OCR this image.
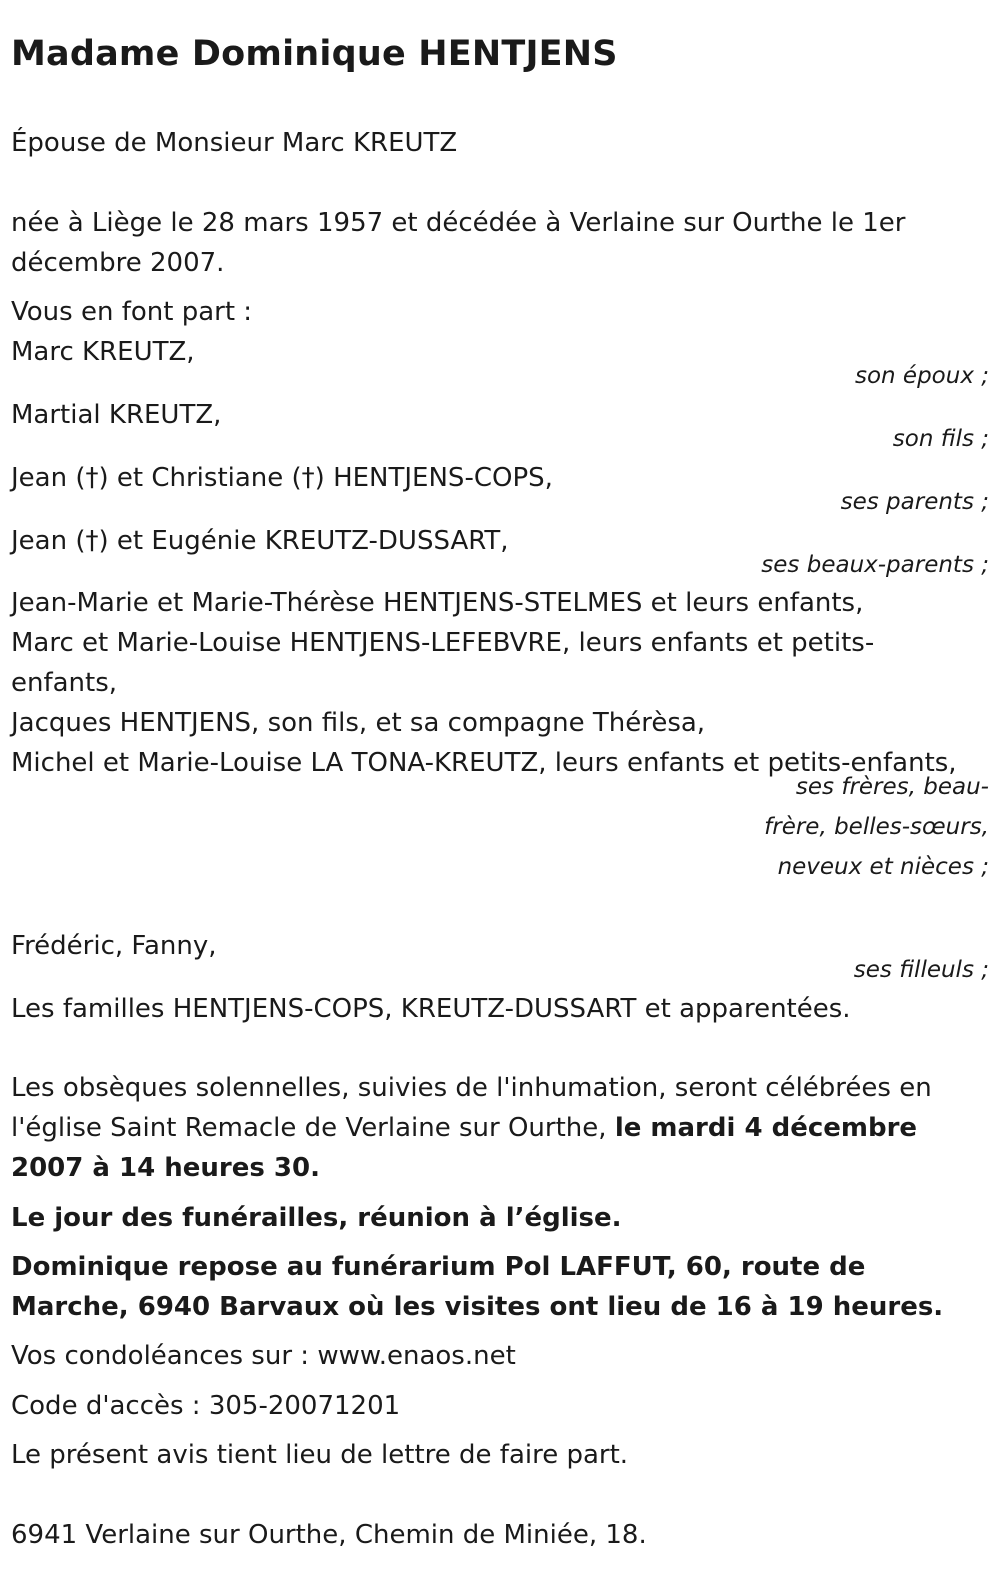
Madame Dominique HENTJENS
Épouse de Monsieur Marc KREUTZ
née à Liège le 28 mars 1957 et décédée à Verlaine sur Ourthe le 1er décembre 2007.
Vous en font part :
Marc KREUTZ,
son époux ;
Martial KREUTZ,
son fils ;
Jean (†) et Christiane (†) HENTJENS-COPS,
ses parents ;
Jean (†) et Eugénie KREUTZ-DUSSART,
ses beaux-parents ;
Jean-Marie et Marie-Thérèse HENTJENS-STELMES et leurs enfants,
Marc et Marie-Louise HENTJENS-LEFEBVRE, leurs enfants et petits-enfants,
Jacques HENTJENS, son fils, et sa compagne Thérèsa,
Michel et Marie-Louise LA TONA-KREUTZ, leurs enfants et petits-enfants,
ses frères, beau-frère, belles-sœurs, neveux et nièces ;
Frédéric, Fanny,
ses filleuls ;
Les familles HENTJENS-COPS, KREUTZ-DUSSART et apparentées.
Les obsèques solennelles, suivies de l'inhumation, seront célébrées en l'église Saint Remacle de Verlaine sur Ourthe, le mardi 4 décembre 2007 à 14 heures 30.
Le jour des funérailles, réunion à l’église.
Dominique repose au funérarium Pol LAFFUT, 60, route de Marche, 6940 Barvaux où les visites ont lieu de 16 à 19 heures.
Vos condoléances sur : www.enaos.net
Code d'accès : 305-20071201
Le présent avis tient lieu de lettre de faire part.
6941 Verlaine sur Ourthe, Chemin de Miniée, 18.
